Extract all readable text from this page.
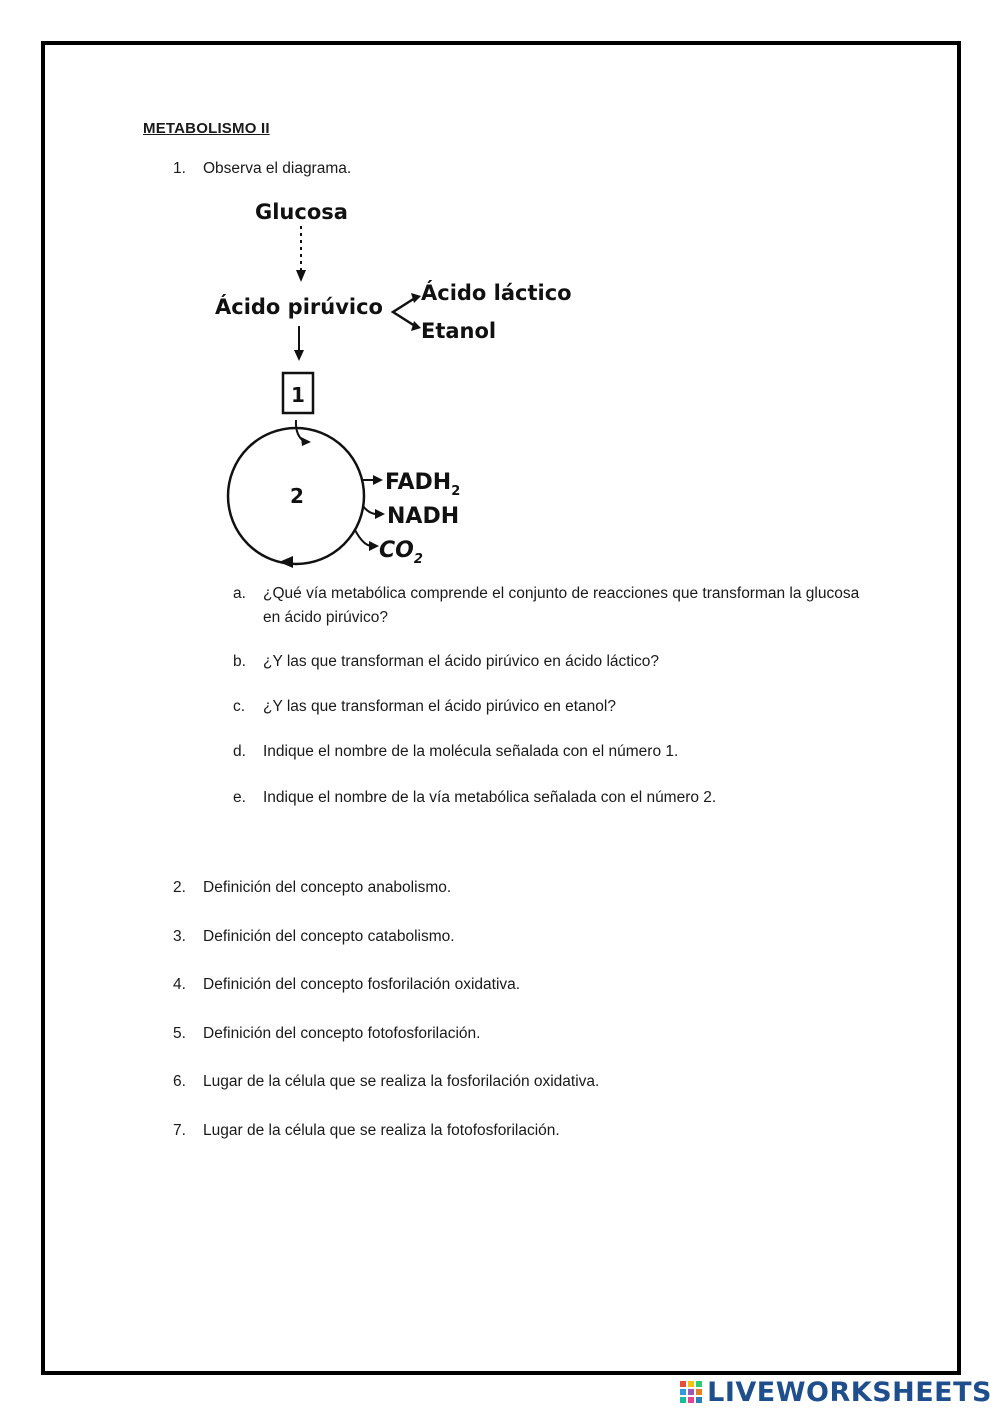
METABOLISMO II
1. Observa el diagrama.
Glucosa
Ácido pirúvico
Ácido láctico
Etanol
1
2
$FADH_2$
NADH
$CO_2$
a. ¿Qué vía metabólica comprende el conjunto de reacciones que transforman la glucosa en ácido pirúvico?
b. ¿Y las que transforman el ácido pirúvico en ácido láctico?
c. ¿Y las que transforman el ácido pirúvico en etanol?
d. Indique el nombre de la molécula señalada con el número 1.
e. Indique el nombre de la vía metabólica señalada con el número 2.
2. Definición del concepto anabolismo.
3. Definición del concepto catabolismo.
4. Definición del concepto fosforilación oxidativa.
5. Definición del concepto fotofosforilación.
6. Lugar de la célula que se realiza la fosforilación oxidativa.
7. Lugar de la célula que se realiza la fotofosforilación.
LIVEWORKSHEETS
